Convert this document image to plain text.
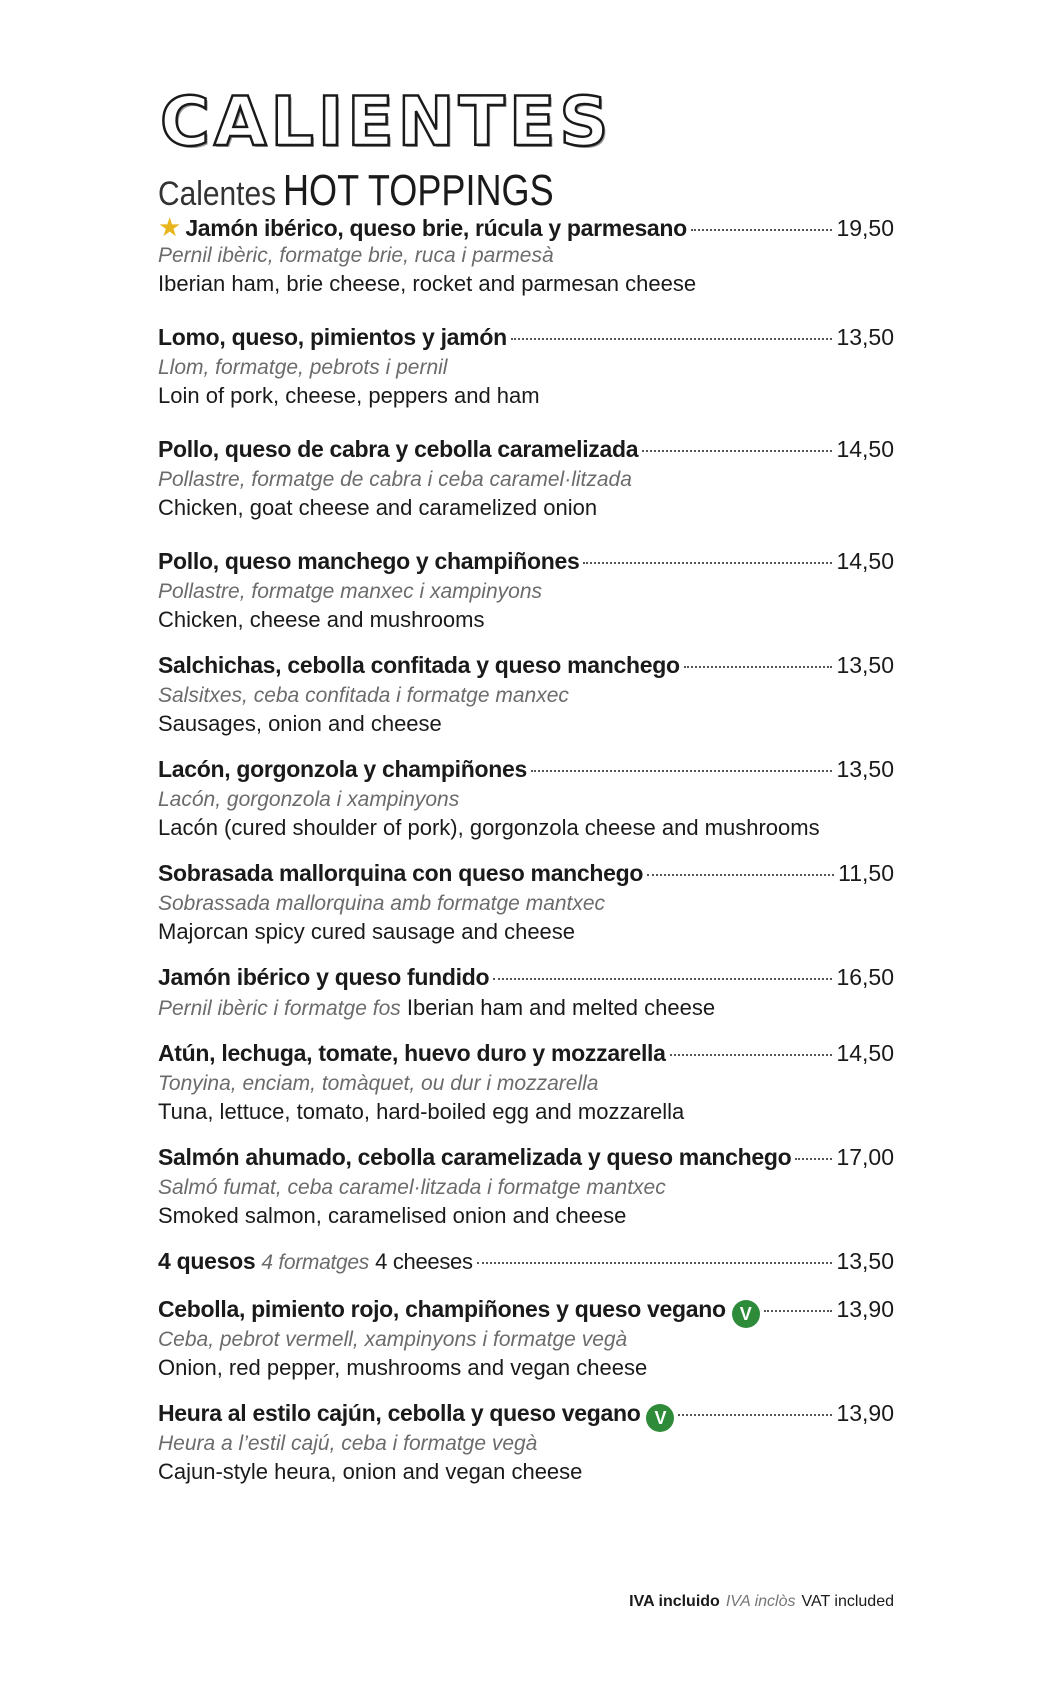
CALIENTES
Calentes HOT TOPPINGS
★ Jamón ibérico, queso brie, rúcula y parmesano	19,50
Pernil ibèric, formatge brie, ruca i parmesà
Iberian ham, brie cheese, rocket and parmesan cheese
Lomo, queso, pimientos y jamón	13,50
Llom, formatge, pebrots i pernil
Loin of pork, cheese, peppers and ham
Pollo, queso de cabra y cebolla caramelizada	14,50
Pollastre, formatge de cabra i ceba caramel·litzada
Chicken, goat cheese and caramelized onion
Pollo, queso manchego y champiñones	14,50
Pollastre, formatge manxec i xampinyons
Chicken, cheese and mushrooms
Salchichas, cebolla confitada y queso manchego	13,50
Salsitxes, ceba confitada i formatge manxec
Sausages, onion and cheese
Lacón, gorgonzola y champiñones	13,50
Lacón, gorgonzola i xampinyons
Lacón (cured shoulder of pork), gorgonzola cheese and mushrooms
Sobrasada mallorquina con queso manchego	11,50
Sobrassada mallorquina amb formatge mantxec
Majorcan spicy cured sausage and cheese
Jamón ibérico y queso fundido	16,50
Pernil ibèric i formatge fos Iberian ham and melted cheese
Atún, lechuga, tomate, huevo duro y mozzarella	14,50
Tonyina, enciam, tomàquet, ou dur i mozzarella
Tuna, lettuce, tomato, hard-boiled egg and mozzarella
Salmón ahumado, cebolla caramelizada y queso manchego 17,00
Salmó fumat, ceba caramel·litzada i formatge mantxec
Smoked salmon, caramelised onion and cheese
4 quesos 4 formatges 4 cheeses	13,50
Cebolla, pimiento rojo, champiñones y queso vegano V	13,90
Ceba, pebrot vermell, xampinyons i formatge vegà
Onion, red pepper, mushrooms and vegan cheese
Heura al estilo cajún, cebolla y queso vegano V	13,90
Heura a l’estil cajú, ceba i formatge vegà
Cajun-style heura, onion and vegan cheese
IVA incluido IVA inclòs VAT included
